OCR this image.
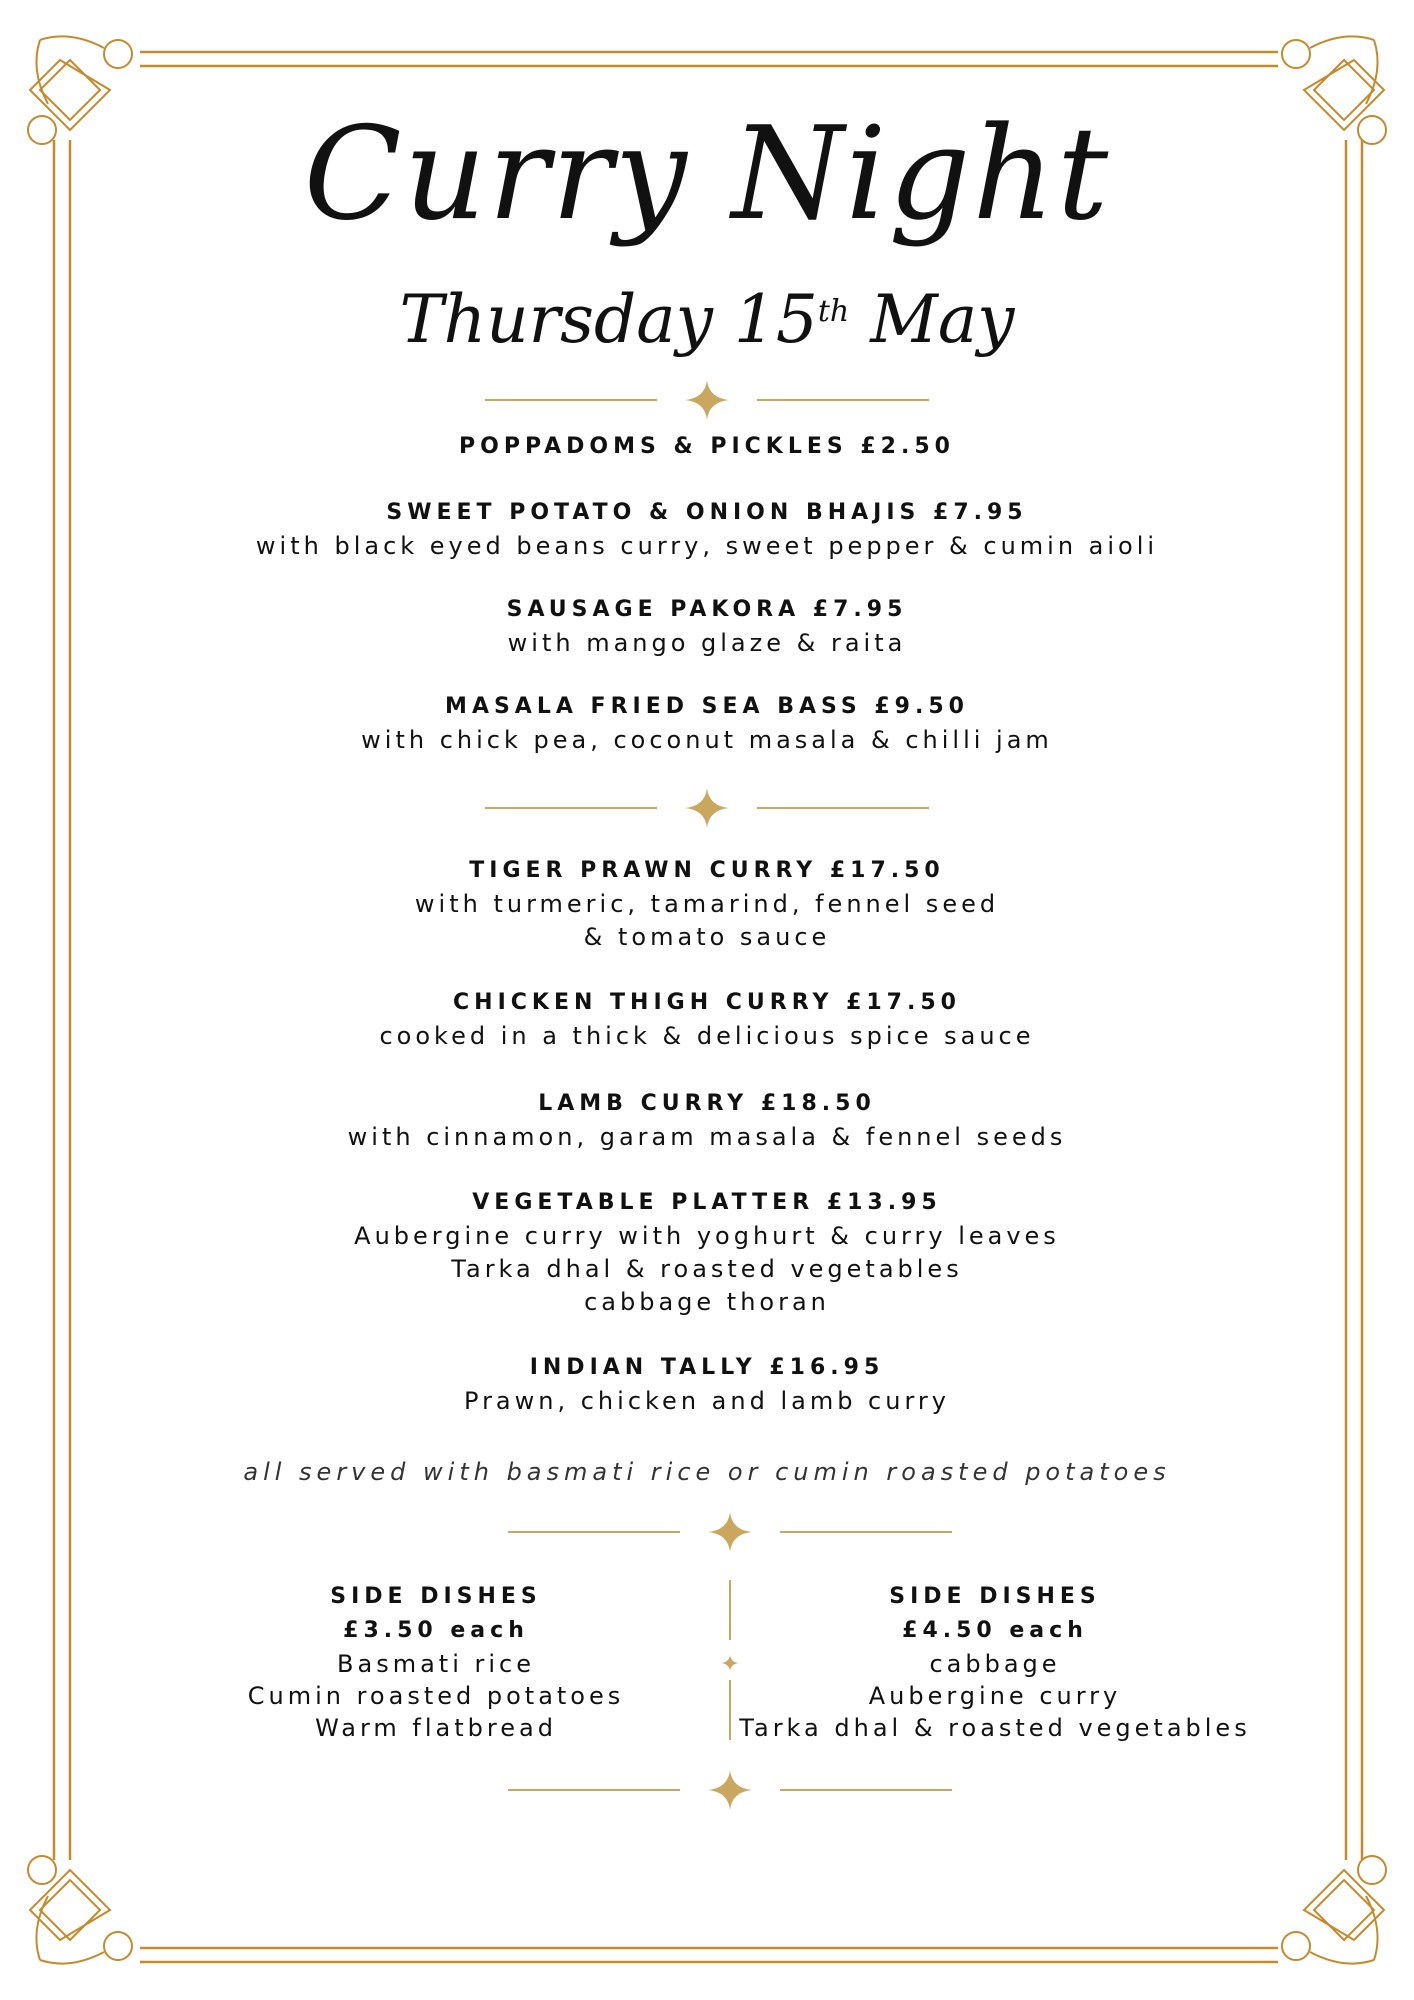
Curry Night
Thursday 15th May
POPPADOMS & PICKLES £2.50
SWEET POTATO & ONION BHAJIS £7.95
with black eyed beans curry, sweet pepper & cumin aioli
SAUSAGE PAKORA £7.95
with mango glaze & raita
MASALA FRIED SEA BASS £9.50
with chick pea, coconut masala & chilli jam
TIGER PRAWN CURRY £17.50
with turmeric, tamarind, fennel seed
& tomato sauce
CHICKEN THIGH CURRY £17.50
cooked in a thick & delicious spice sauce
LAMB CURRY £18.50
with cinnamon, garam masala & fennel seeds
VEGETABLE PLATTER £13.95
Aubergine curry with yoghurt & curry leaves
Tarka dhal & roasted vegetables
cabbage thoran
INDIAN TALLY £16.95
Prawn, chicken and lamb curry
all served with basmati rice or cumin roasted potatoes
SIDE DISHES
£3.50 each
Basmati rice
Cumin roasted potatoes
Warm flatbread
SIDE DISHES
£4.50 each
cabbage
Aubergine curry
Tarka dhal & roasted vegetables
